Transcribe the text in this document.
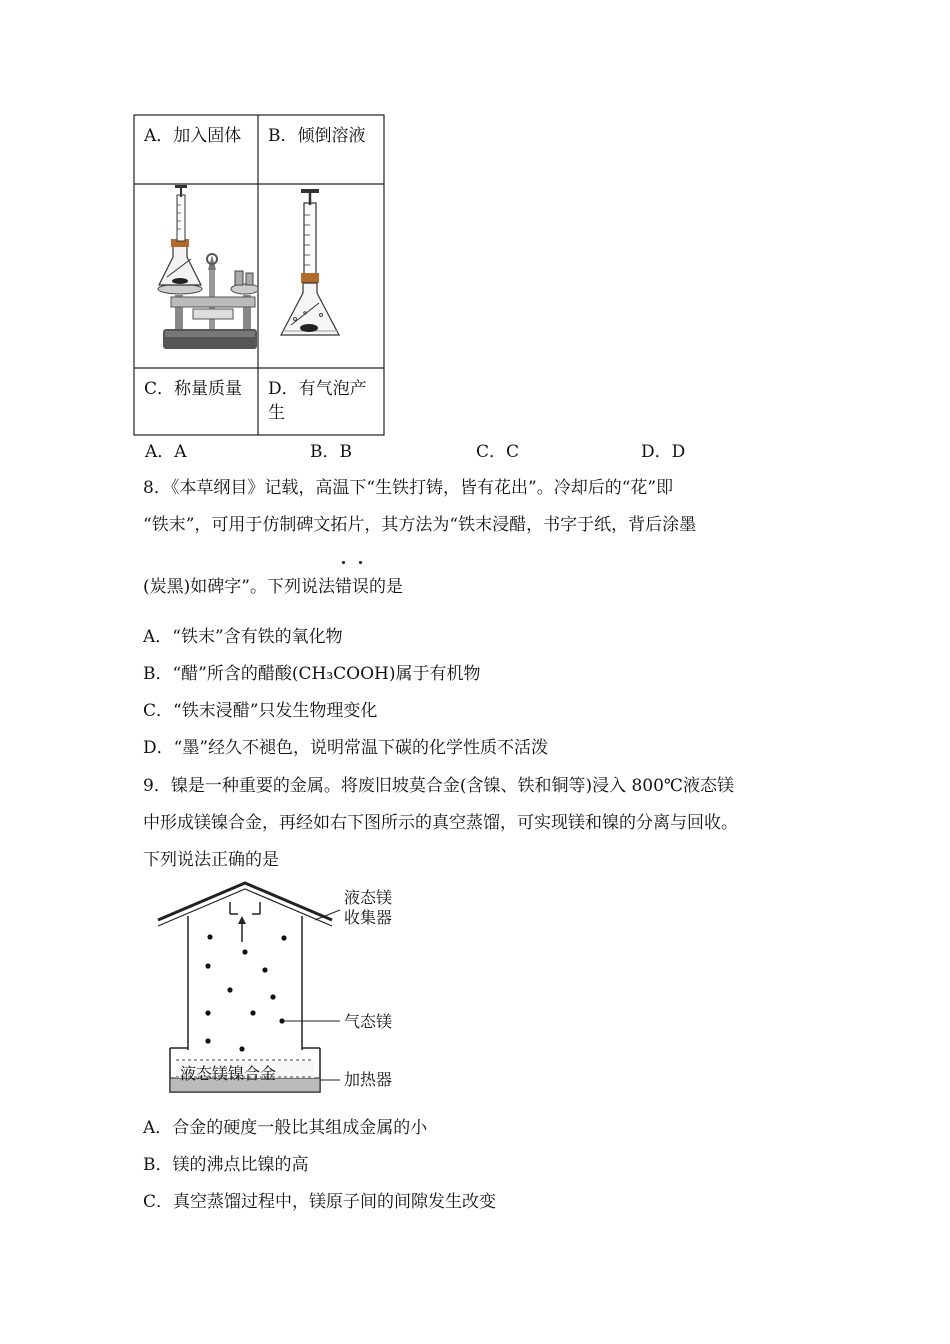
A．加入固体	B．倾倒溶液
C．称量质量	D．有气泡产生
A．A	B．B	C．C	D．D
8．《本草纲目》记载，高温下“生铁打铸，皆有花出”。冷却后的“花”即
“铁末”，可用于仿制碑文拓片，其方法为“铁末浸醋，书字于纸，背后涂墨
(炭黑)如碑字”。下列说法错误的是
A．“铁末”含有铁的氧化物
B．“醋”所含的醋酸(CH₃COOH)属于有机物
C．“铁末浸醋”只发生物理变化
D．“墨”经久不褪色，说明常温下碳的化学性质不活泼
9．镍是一种重要的金属。将废旧坡莫合金(含镍、铁和铜等)浸入 800℃液态镁
中形成镁镍合金，再经如右下图所示的真空蒸馏，可实现镁和镍的分离与回收。
下列说法正确的是
液态镁
收集器
气态镁
加热器
液态镁镍合金
A．合金的硬度一般比其组成金属的小
B．镁的沸点比镍的高
C．真空蒸馏过程中，镁原子间的间隙发生改变
